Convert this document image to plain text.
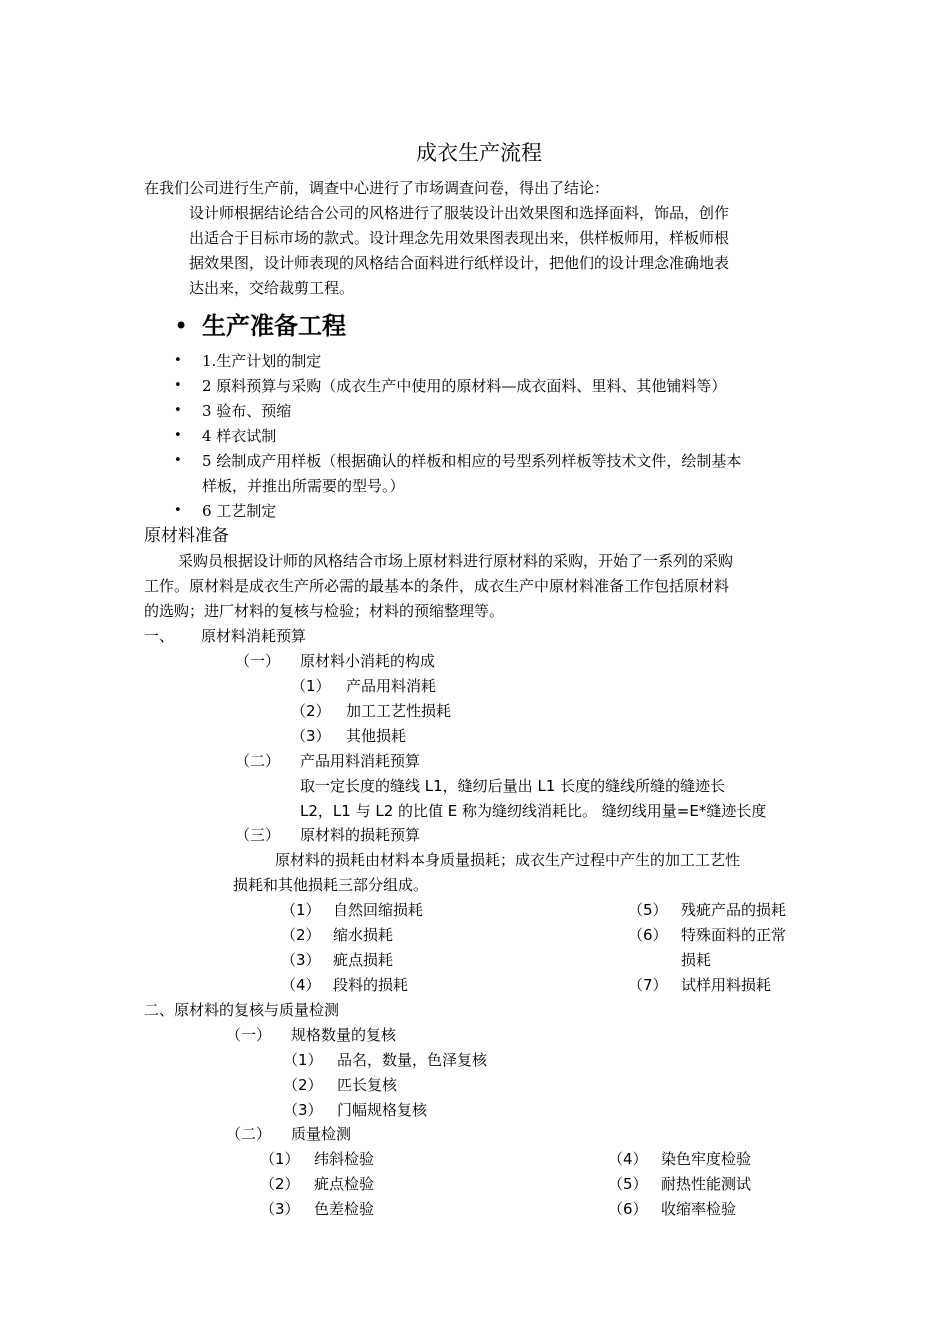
成衣生产流程
在我们公司进行生产前，调查中心进行了市场调查问卷，得出了结论：
设计师根据结论结合公司的风格进行了服装设计出效果图和选择面料，饰品，创作
出适合于目标市场的款式。设计理念先用效果图表现出来，供样板师用，样板师根
据效果图，设计师表现的风格结合面料进行纸样设计，把他们的设计理念准确地表
达出来，交给裁剪工程。
• 生产准备工程
• 1.生产计划的制定
• 2 原料预算与采购（成衣生产中使用的原材料—成衣面料、里料、其他铺料等）
• 3 验布、预缩
• 4 样衣试制
• 5 绘制成产用样板（根据确认的样板和相应的号型系列样板等技术文件，绘制基本
样板，并推出所需要的型号。）
• 6 工艺制定
原材料准备
采购员根据设计师的风格结合市场上原材料进行原材料的采购，开始了一系列的采购
工作。原材料是成衣生产所必需的最基本的条件，成衣生产中原材料准备工作包括原材料
的选购；进厂材料的复核与检验；材料的预缩整理等。
一、 原材料消耗预算
（一） 原材料小消耗的构成
（1） 产品用料消耗
（2） 加工工艺性损耗
（3） 其他损耗
（二） 产品用料消耗预算
取一定长度的缝线 L1，缝纫后量出 L1 长度的缝线所缝的缝迹长
L2，L1 与 L2 的比值 E 称为缝纫线消耗比。 缝纫线用量=E*缝迹长度
（三） 原材料的损耗预算
原材料的损耗由材料本身质量损耗；成衣生产过程中产生的加工工艺性
损耗和其他损耗三部分组成。
（1） 自然回缩损耗
（2） 缩水损耗
（3） 疵点损耗
（4） 段料的损耗
（5） 残疵产品的损耗
（6） 特殊面料的正常
损耗
（7） 试样用料损耗
二、原材料的复核与质量检测
（一） 规格数量的复核
（1） 品名，数量，色泽复核
（2） 匹长复核
（3） 门幅规格复核
（二） 质量检测
（1） 纬斜检验
（2） 疵点检验
（3） 色差检验
（4） 染色牢度检验
（5） 耐热性能测试
（6） 收缩率检验
